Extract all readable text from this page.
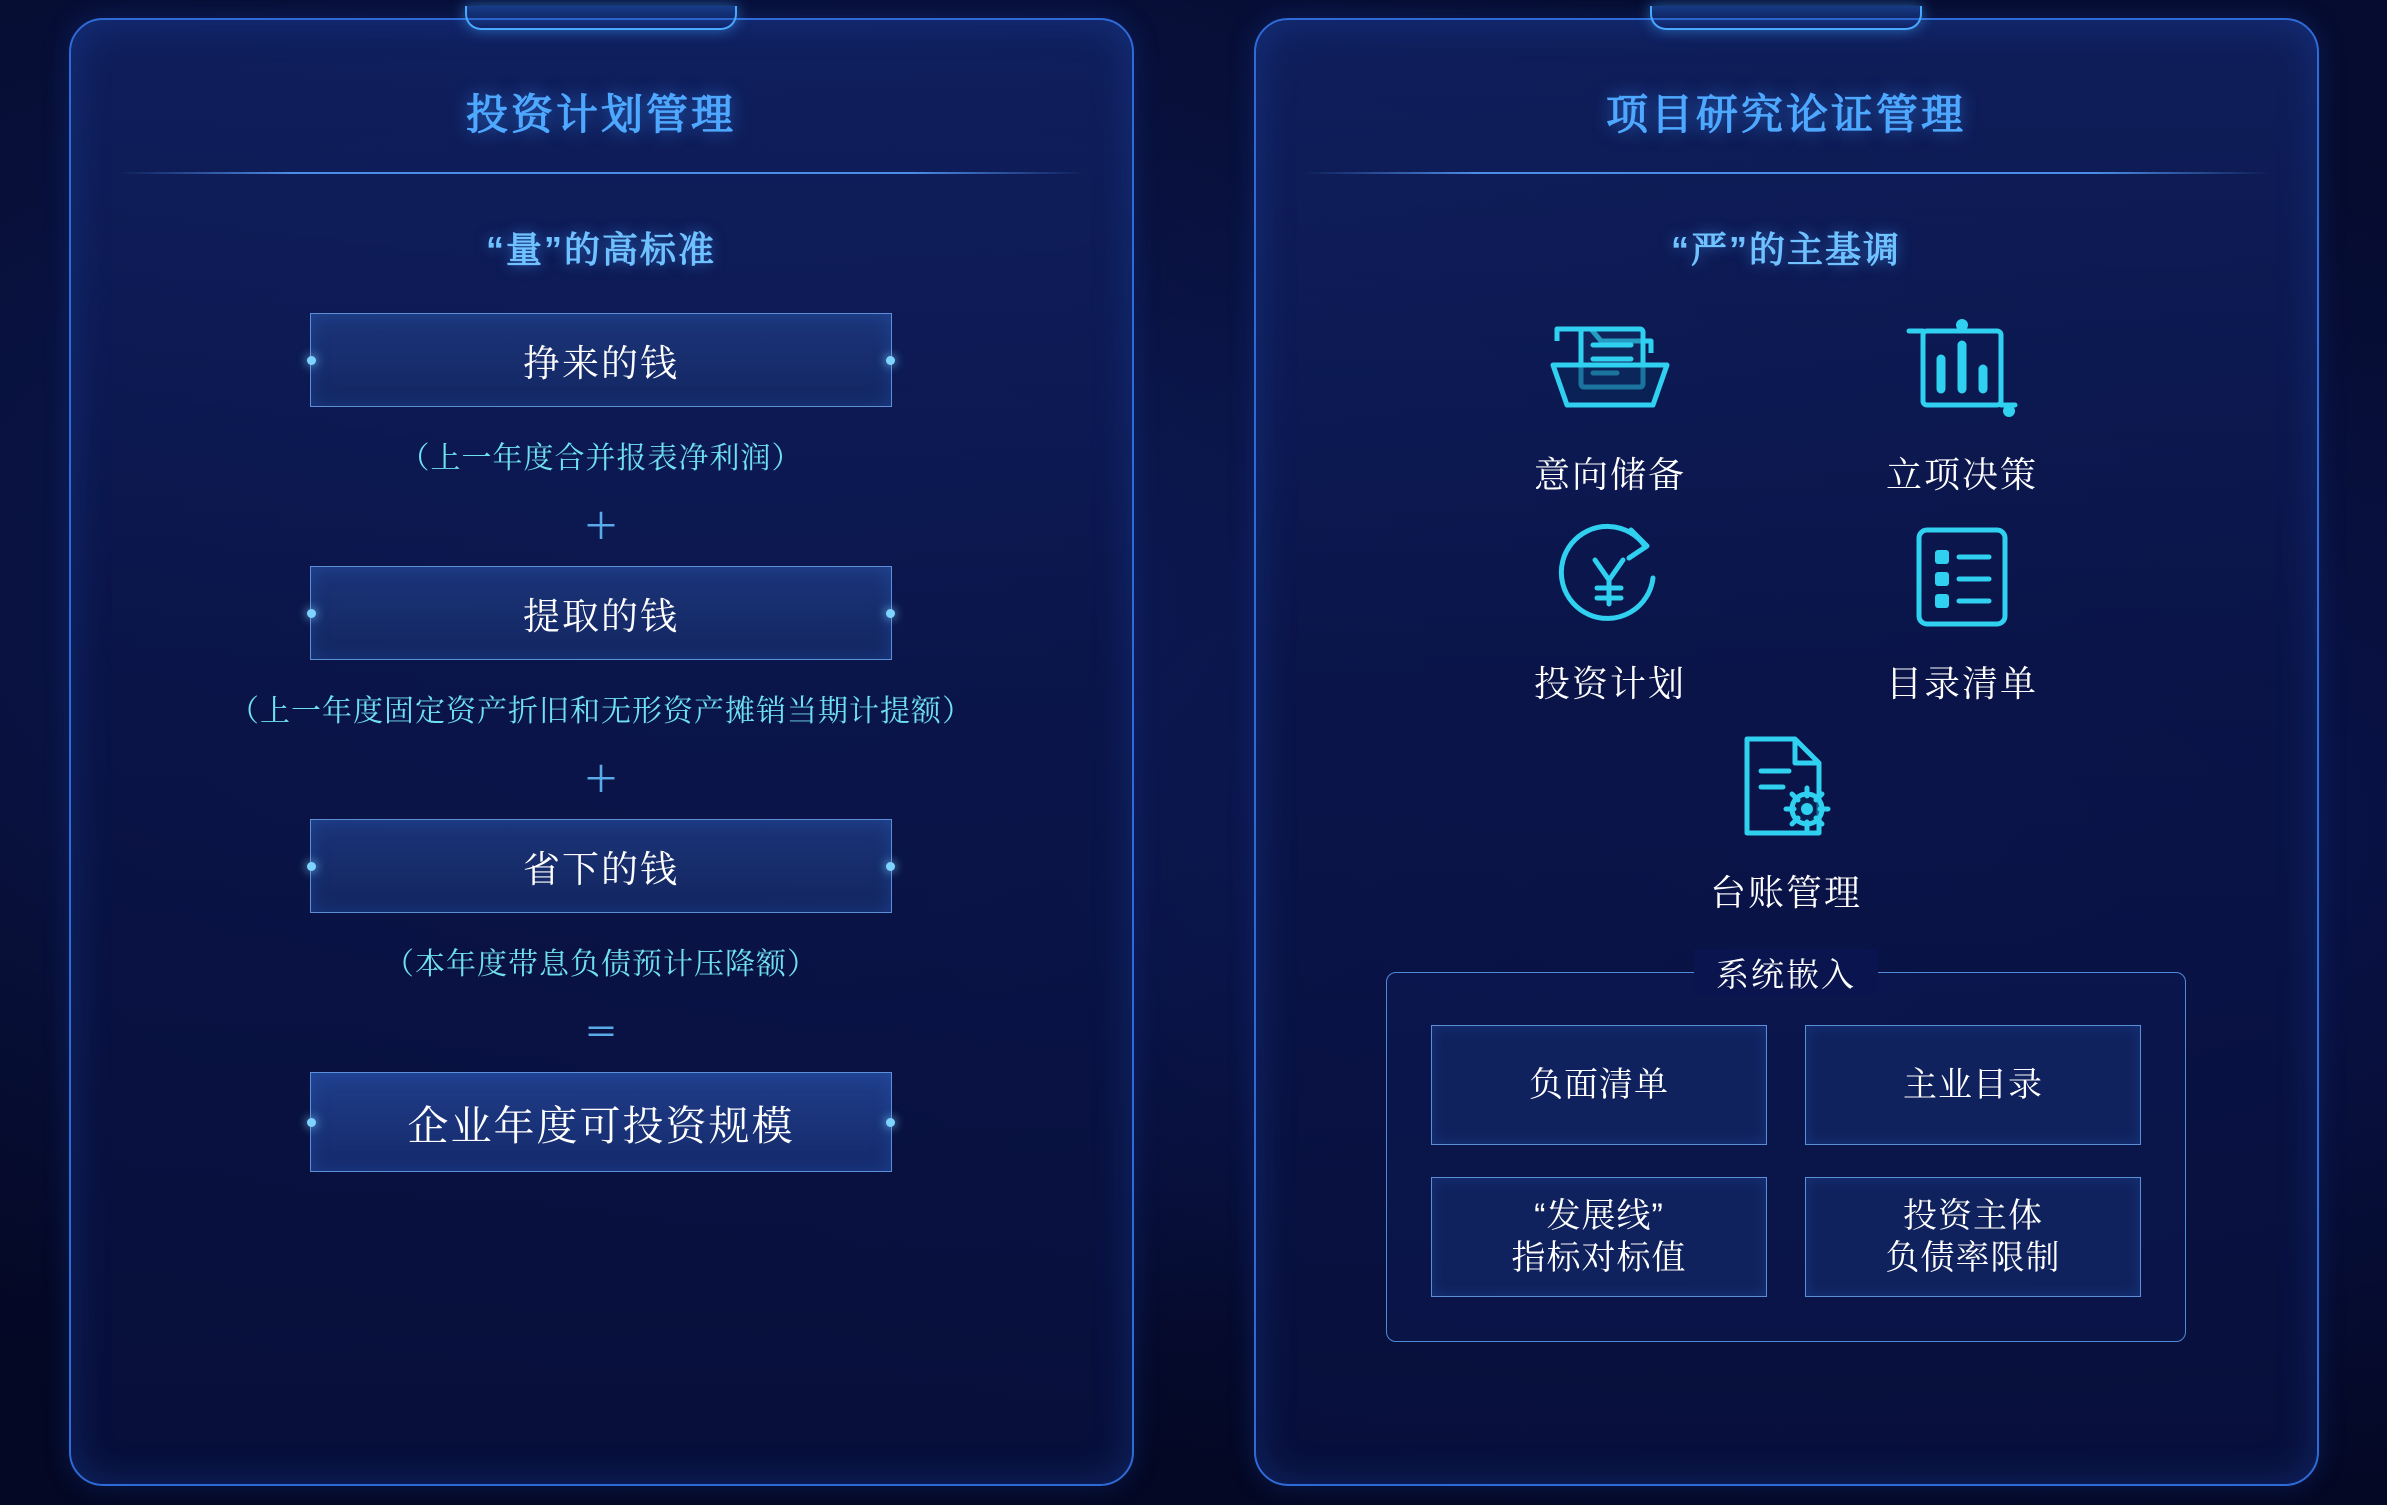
投资计划管理
“量”的高标准
挣来的钱
（上一年度合并报表净利润）
＋
提取的钱
（上一年度固定资产折旧和无形资产摊销当期计提额）
＋
省下的钱
（本年度带息负债预计压降额）
＝
企业年度可投资规模
项目研究论证管理
“严”的主基调
意向储备	立项决策
投资计划	目录清单
台账管理
系统嵌入
负面清单	主业目录
“发展线”
指标对标值
投资主体
负债率限制
